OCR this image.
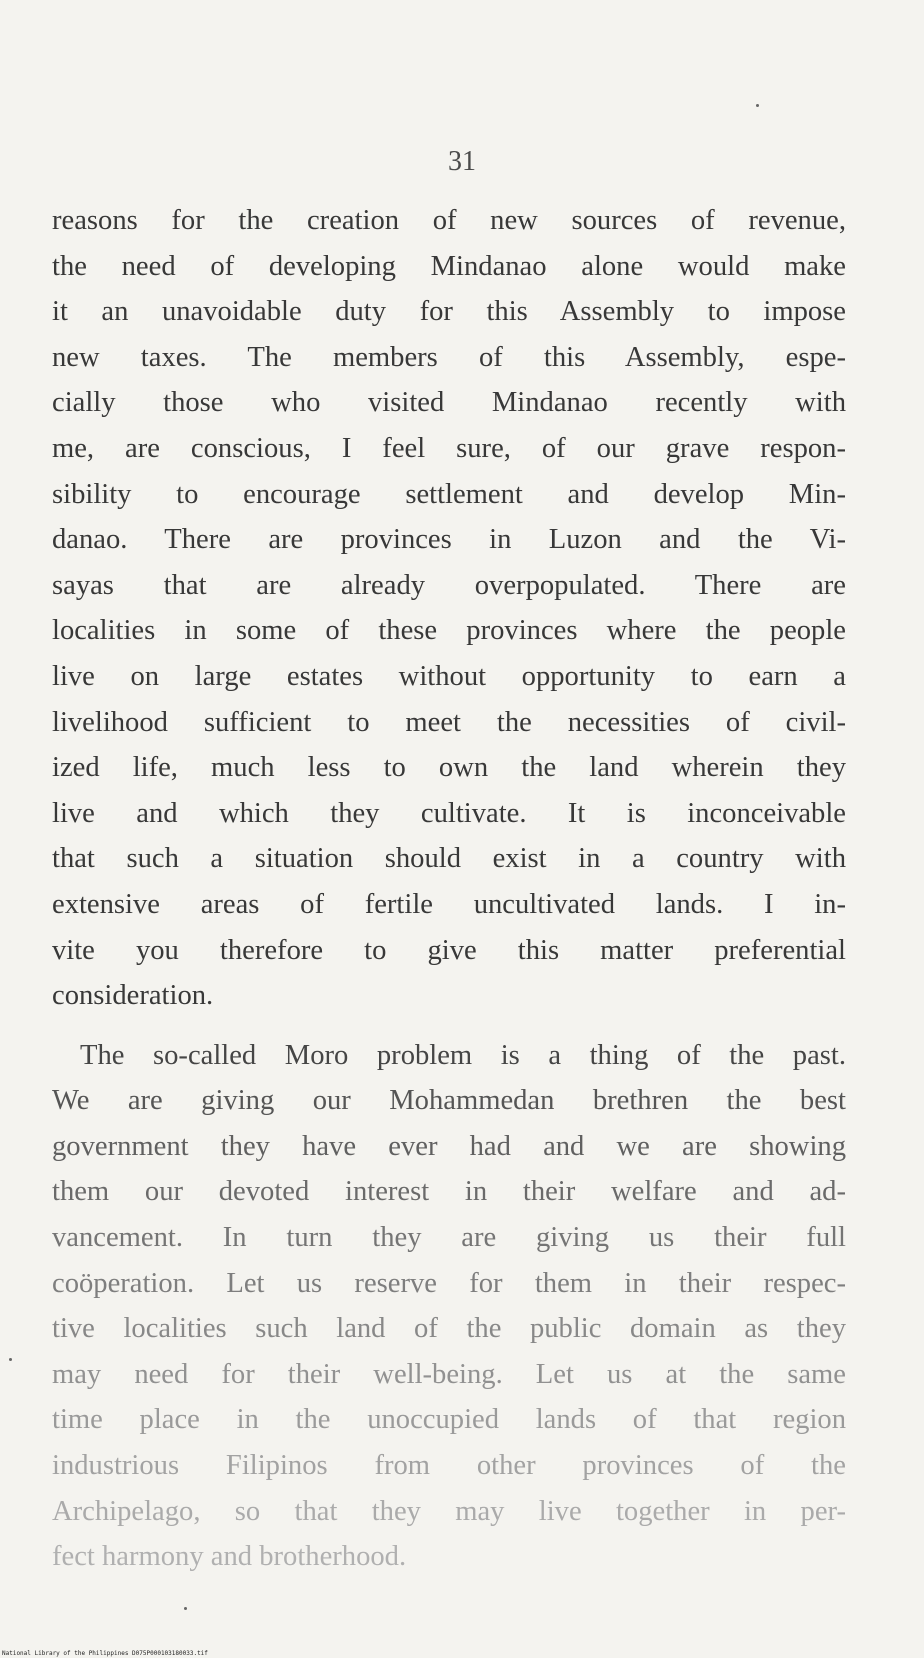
31
reasons for the creation of new sources of revenue,
the need of developing Mindanao alone would make
it an unavoidable duty for this Assembly to impose
new taxes. The members of this Assembly, espe-
cially those who visited Mindanao recently with
me, are conscious, I feel sure, of our grave respon-
sibility to encourage settlement and develop Min-
danao. There are provinces in Luzon and the Vi-
sayas that are already overpopulated. There are
localities in some of these provinces where the people
live on large estates without opportunity to earn a
livelihood sufficient to meet the necessities of civil-
ized life, much less to own the land wherein they
live and which they cultivate. It is inconceivable
that such a situation should exist in a country with
extensive areas of fertile uncultivated lands. I in-
vite you therefore to give this matter preferential
consideration.
The so-called Moro problem is a thing of the past.
We are giving our Mohammedan brethren the best
government they have ever had and we are showing
them our devoted interest in their welfare and ad-
vancement. In turn they are giving us their full
coöperation. Let us reserve for them in their respec-
tive localities such land of the public domain as they
may need for their well-being. Let us at the same
time place in the unoccupied lands of that region
industrious Filipinos from other provinces of the
Archipelago, so that they may live together in per-
fect harmony and brotherhood.
National Library of the Philippines D075P000103180033.tif
